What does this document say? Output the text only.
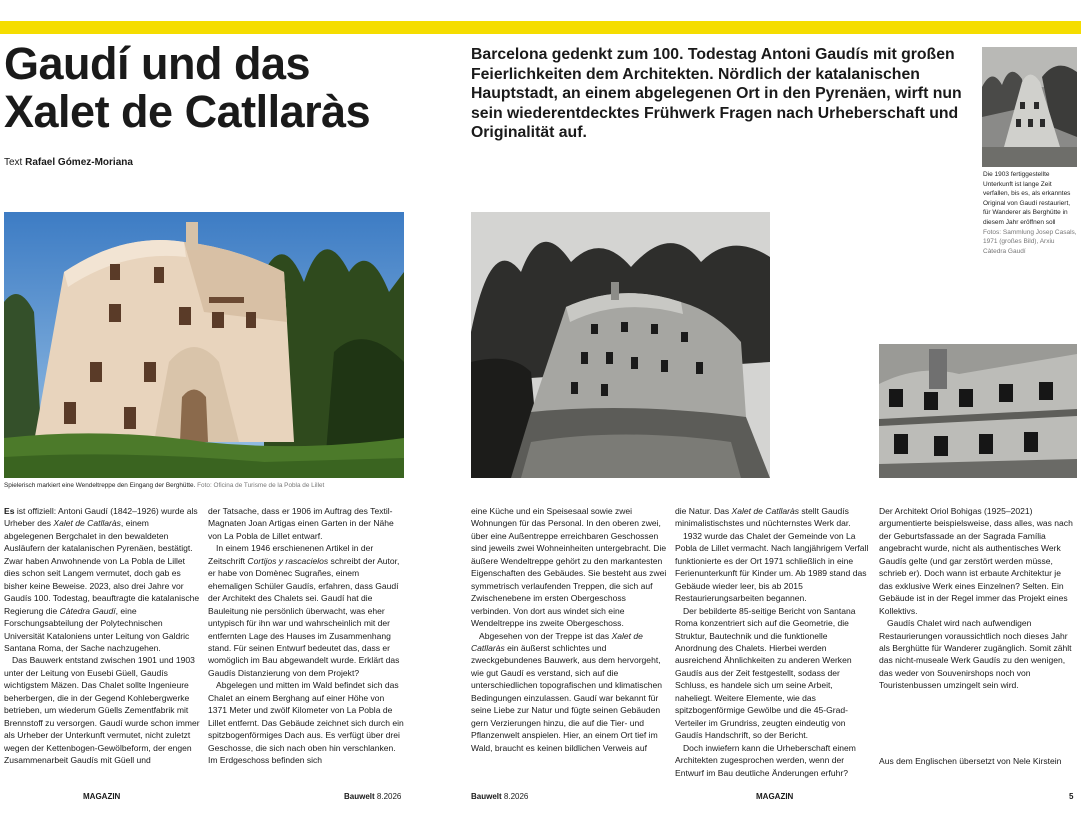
Gaudí und das
Xalet de Catllaràs
Text Rafael Gómez-Moriana
Barcelona gedenkt zum 100. Todestag Antoni Gaudís mit großen Feierlichkeiten dem Architekten. Nördlich der katalanischen Hauptstadt, an einem abgelegenen Ort in den Pyrenäen, wirft nun sein wiederentdecktes Frühwerk Fragen nach Urheberschaft und Originalität auf.
Die 1903 fertiggestellte Unterkunft ist lange Zeit verfallen, bis es, als erkanntes Original von Gaudí restauriert, für Wanderer als Berghütte in diesem Jahr eröffnen soll
Fotos: Sammlung Josep Casals, 1971 (großes Bild), Arxiu Càtedra Gaudí
Spielerisch markiert eine Wendeltreppe den Eingang der Berghütte. Foto: Oficina de Turisme de la Pobla de Lillet

Es ist offiziell: Antoni Gaudí (1842–1926) wurde als Urheber des Xalet de Catllaràs, einem abgelegenen Bergchalet in den bewaldeten Ausläufern der katalanischen Pyrenäen, bestätigt. Zwar haben Anwohnende von La Pobla de Lillet dies schon seit Langem vermutet, doch gab es bisher keine Beweise. 2023, also drei Jahre vor Gaudís 100. Todestag, beauftragte die katalanische Regierung die Càtedra Gaudí, eine Forschungsabteilung der Polytechnischen Universität Kataloniens unter Leitung von Galdric Santana Roma, der Sache nachzugehen.

Das Bauwerk entstand zwischen 1901 und 1903 unter der Leitung von Eusebi Güell, Gaudís wichtigstem Mäzen. Das Chalet sollte Ingenieure beherbergen, die in der Gegend Kohlebergwerke betrieben, um wiederum Güells Zementfabrik mit Brennstoff zu versorgen. Gaudí wurde schon immer als Urheber der Unterkunft vermutet, nicht zuletzt wegen der Kettenbogen-Gewölbeform, der engen Zusammenarbeit Gaudís mit Güell und

der Tatsache, dass er 1906 im Auftrag des Textil-Magnaten Joan Artigas einen Garten in der Nähe von La Pobla de Lillet entwarf.

In einem 1946 erschienenen Artikel in der Zeitschrift Cortijos y rascacielos schreibt der Autor, er habe von Domènec Sugrañes, einem ehemaligen Schüler Gaudís, erfahren, dass Gaudí der Architekt des Chalets sei. Gaudí hat die Bauleitung nie persönlich überwacht, was eher untypisch für ihn war und wahrscheinlich mit der entfernten Lage des Hauses im Zusammenhang stand. Für seinen Entwurf bedeutet das, dass er womöglich im Bau abgewandelt wurde. Erklärt das Gaudís Distanzierung von dem Projekt?

Abgelegen und mitten im Wald befindet sich das Chalet an einem Berghang auf einer Höhe von 1371 Meter und zwölf Kilometer von La Pobla de Lillet entfernt. Das Gebäude zeichnet sich durch ein spitzbogenförmiges Dach aus. Es verfügt über drei Geschosse, die sich nach oben hin verschlanken. Im Erdgeschoss befinden sich

eine Küche und ein Speisesaal sowie zwei Wohnungen für das Personal. In den oberen zwei, über eine Außentreppe erreichbaren Geschossen sind jeweils zwei Wohneinheiten untergebracht. Die äußere Wendeltreppe gehört zu den markantesten Eigenschaften des Gebäudes. Sie besteht aus zwei symmetrisch verlaufenden Treppen, die sich auf Zwischenebene im ersten Obergeschoss verbinden. Von dort aus windet sich eine Wendeltreppe ins zweite Obergeschoss.

Abgesehen von der Treppe ist das Xalet de Catllaràs ein äußerst schlichtes und zweckgebundenes Bauwerk, aus dem hervorgeht, wie gut Gaudí es verstand, sich auf die unterschiedlichen topografischen und klimatischen Bedingungen einzulassen. Gaudí war bekannt für seine Liebe zur Natur und fügte seinen Gebäuden gern Verzierungen hinzu, die auf die Tier- und Pflanzenwelt anspielen. Hier, an einem Ort tief im Wald, braucht es keinen bildlichen Verweis auf

die Natur. Das Xalet de Catllaràs stellt Gaudís minimalistischstes und nüchternstes Werk dar.

1932 wurde das Chalet der Gemeinde von La Pobla de Lillet vermacht. Nach langjährigem Verfall funktionierte es der Ort 1971 schließlich in eine Ferienunterkunft für Kinder um. Ab 1989 stand das Gebäude wieder leer, bis ab 2015 Restaurierungsarbeiten begannen.

Der bebilderte 85-seitige Bericht von Santana Roma konzentriert sich auf die Geometrie, die Struktur, Bautechnik und die funktionelle Anordnung des Chalets. Hierbei werden ausreichend Ähnlichkeiten zu anderen Werken Gaudís aus der Zeit festgestellt, sodass der Schluss, es handele sich um seine Arbeit, naheliegt. Weitere Elemente, wie das spitzbogenförmige Gewölbe und die 45-Grad-Verteiler im Grundriss, zeugten eindeutig von Gaudís Handschrift, so der Bericht.

Doch inwiefern kann die Urheberschaft einem Architekten zugesprochen werden, wenn der Entwurf im Bau deutliche Änderungen erfuhr?

Der Architekt Oriol Bohigas (1925–2021) argumentierte beispielsweise, dass alles, was nach der Geburtsfassade an der Sagrada Família angebracht wurde, nicht als authentisches Werk Gaudís gelte (und gar zerstört werden müsse, schrieb er). Doch wann ist erbaute Architektur je das exklusive Werk eines Einzelnen? Selten. Ein Gebäude ist in der Regel immer das Projekt eines Kollektivs.

Gaudís Chalet wird nach aufwendigen Restaurierungen voraussichtlich noch dieses Jahr als Berghütte für Wanderer zugänglich. Somit zählt das nicht-museale Werk Gaudís zu den wenigen, das weder von Souvenirshops noch von Touristenbussen umzingelt sein wird.

Aus dem Englischen übersetzt von Nele Kirstein
MAGAZIN	Bauwelt 8.2026	Bauwelt 8.2026	MAGAZIN	5
